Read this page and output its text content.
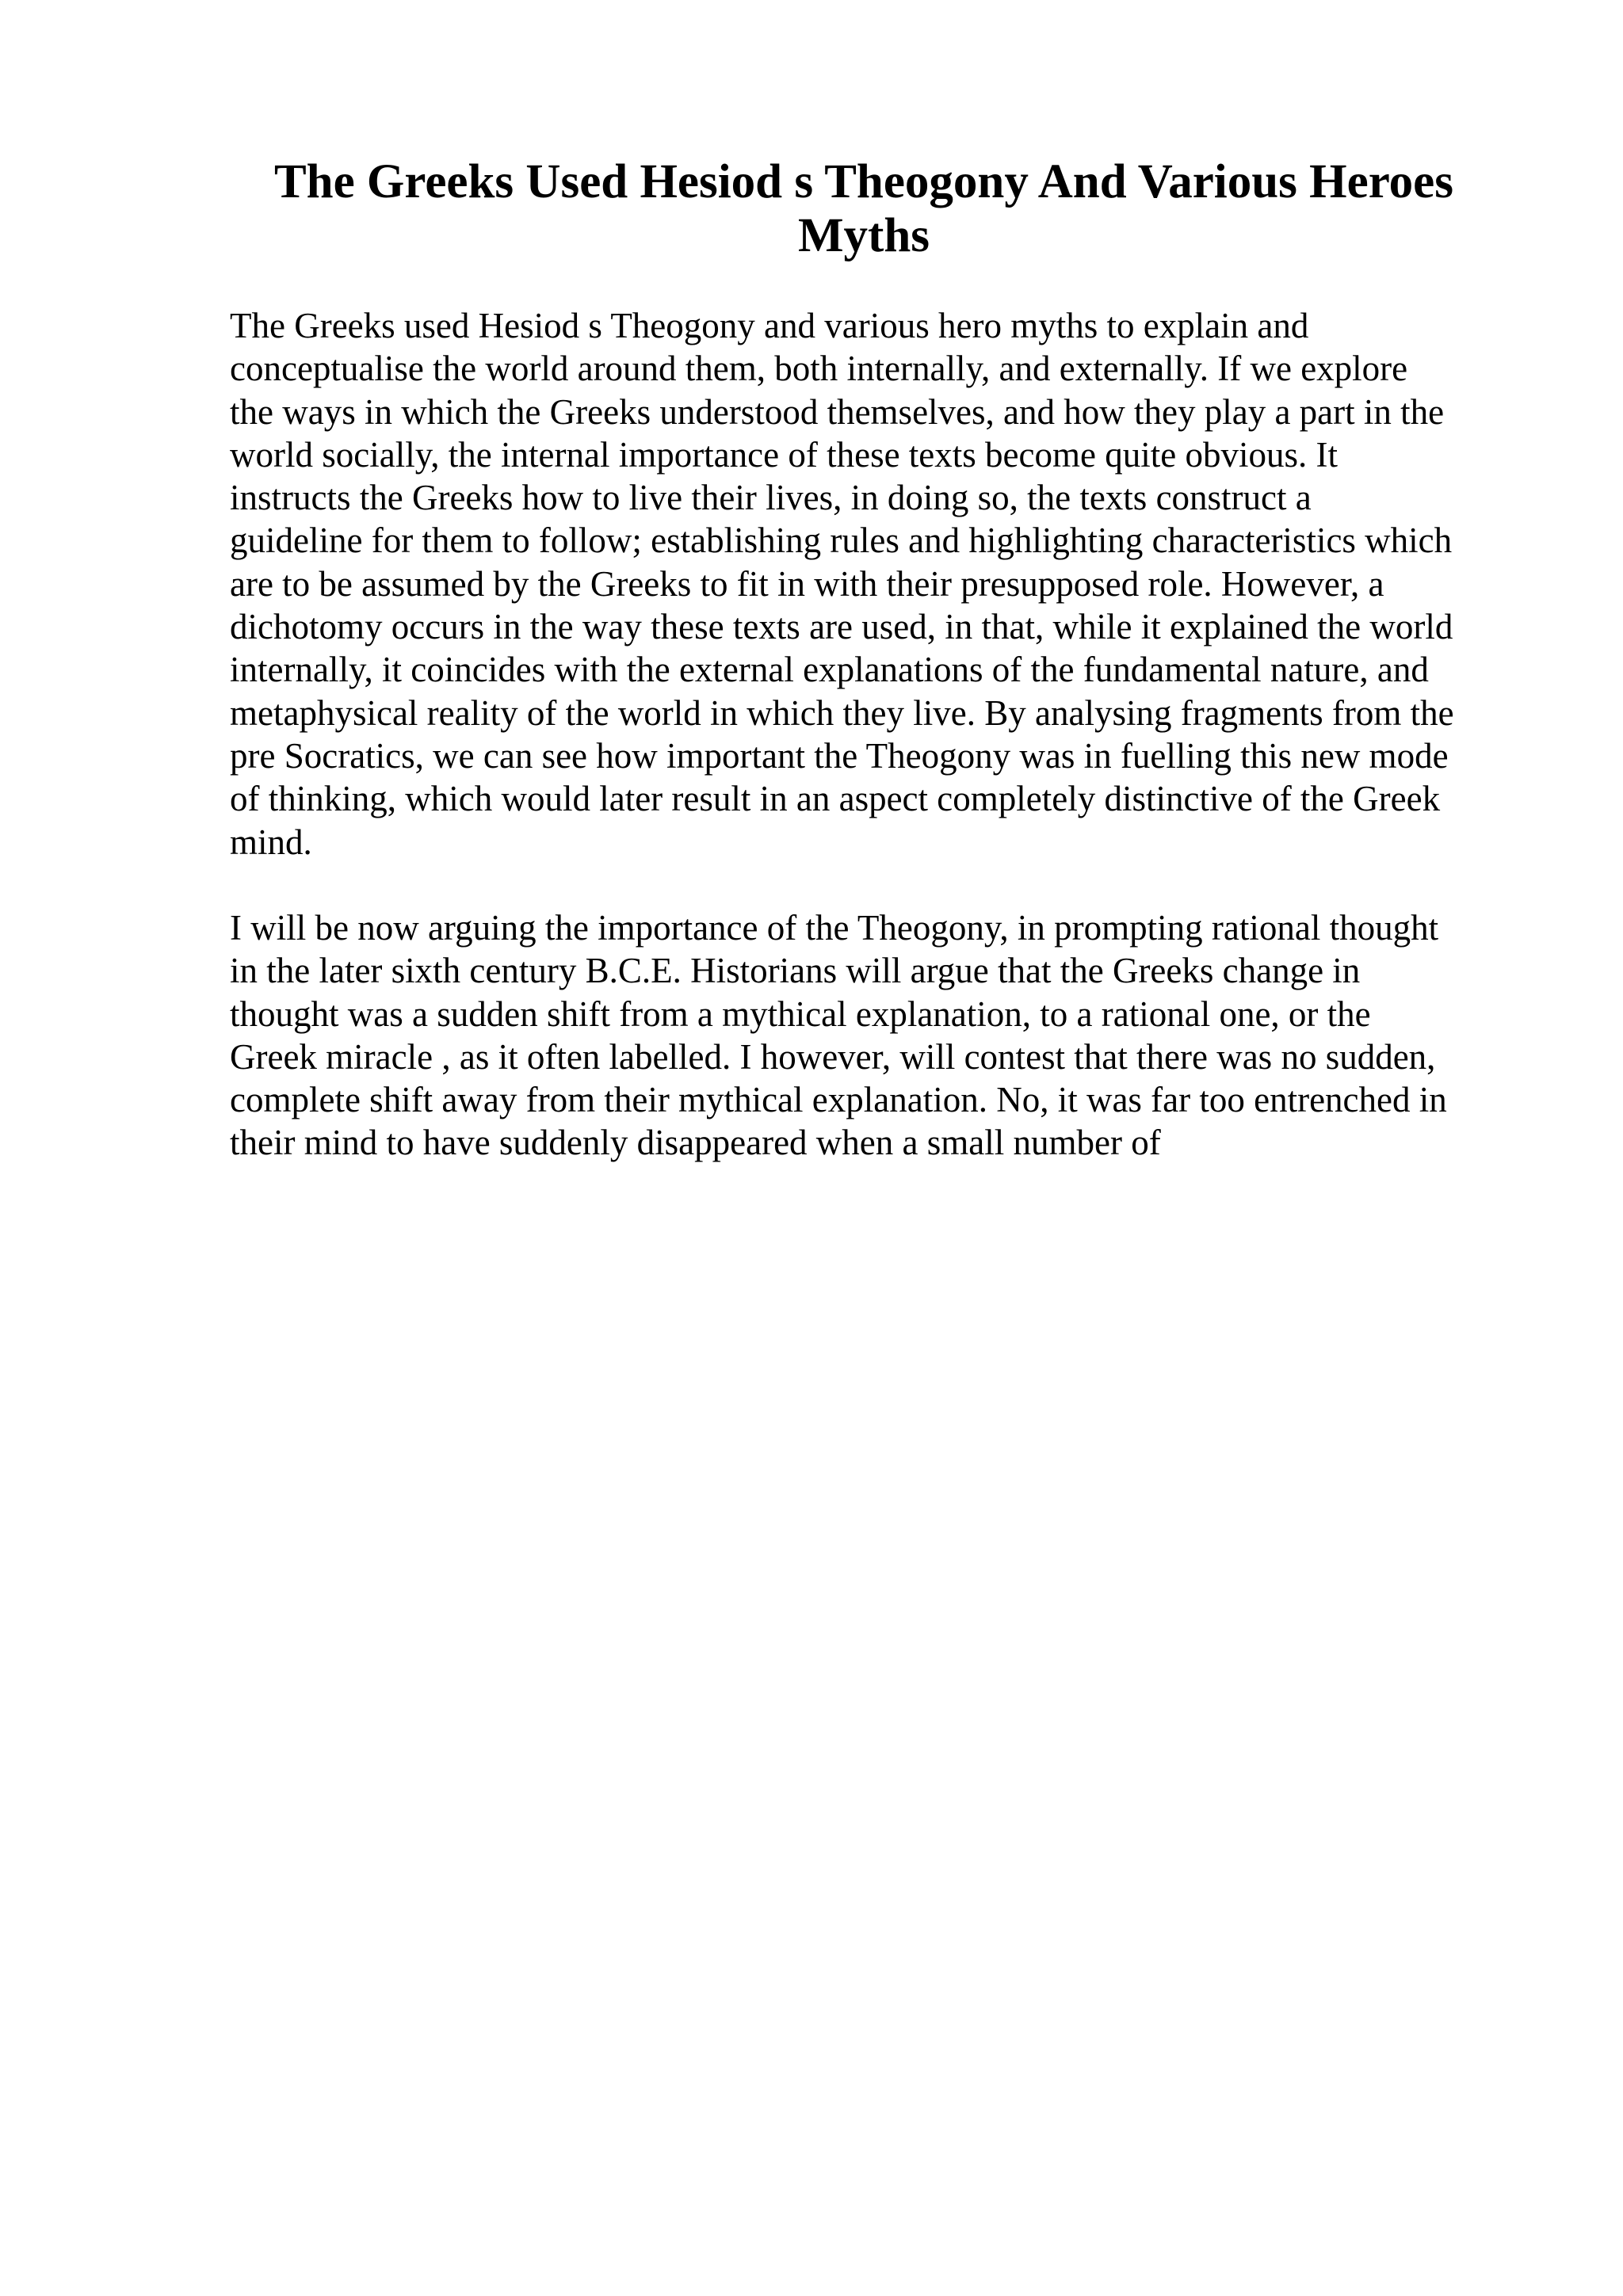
The Greeks Used Hesiod s Theogony And Various Heroes
Myths

The Greeks used Hesiod s Theogony and various hero myths to explain and
conceptualise the world around them, both internally, and externally. If we explore
the ways in which the Greeks understood themselves, and how they play a part in the
world socially, the internal importance of these texts become quite obvious. It
instructs the Greeks how to live their lives, in doing so, the texts construct a
guideline for them to follow; establishing rules and highlighting characteristics which
are to be assumed by the Greeks to fit in with their presupposed role. However, a
dichotomy occurs in the way these texts are used, in that, while it explained the world
internally, it coincides with the external explanations of the fundamental nature, and
metaphysical reality of the world in which they live. By analysing fragments from the
pre Socratics, we can see how important the Theogony was in fuelling this new mode
of thinking, which would later result in an aspect completely distinctive of the Greek
mind.

I will be now arguing the importance of the Theogony, in prompting rational thought
in the later sixth century B.C.E. Historians will argue that the Greeks change in
thought was a sudden shift from a mythical explanation, to a rational one, or the
Greek miracle , as it often labelled. I however, will contest that there was no sudden,
complete shift away from their mythical explanation. No, it was far too entrenched in
their mind to have suddenly disappeared when a small number of
